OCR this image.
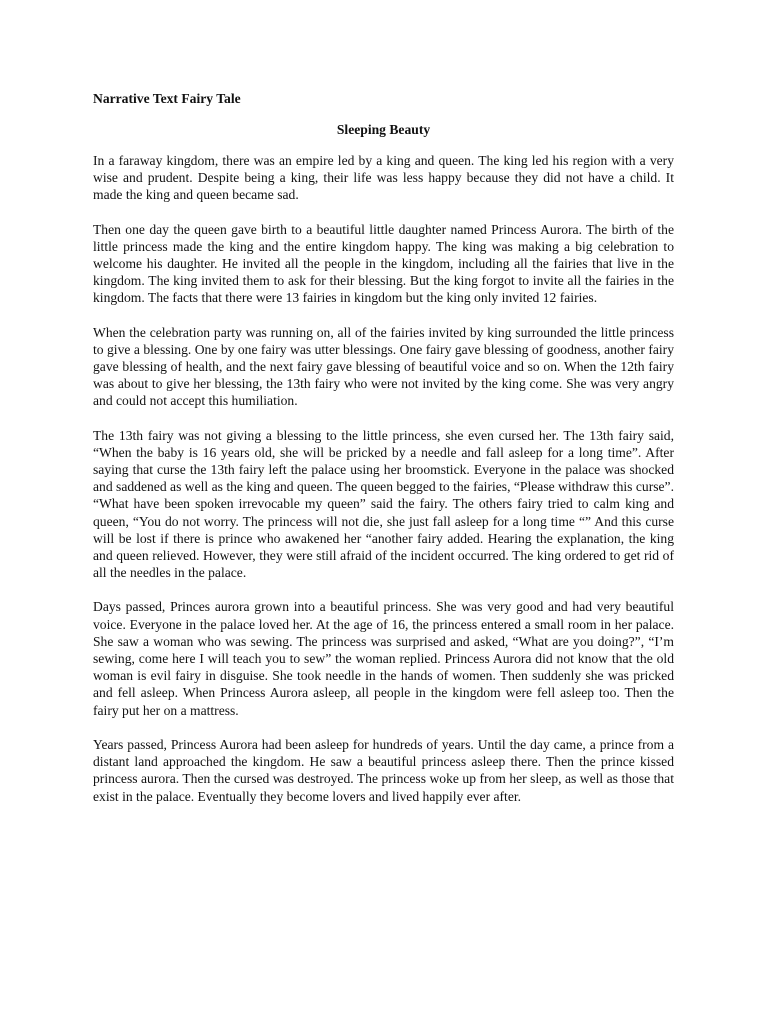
Narrative Text Fairy Tale

Sleeping Beauty

In a faraway kingdom, there was an empire led by a king and queen. The king led his region with a very wise and prudent. Despite being a king, their life was less happy because they did not have a child. It made the king and queen became sad.

Then one day the queen gave birth to a beautiful little daughter named Princess Aurora. The birth of the little princess made the king and the entire kingdom happy. The king was making a big celebration to welcome his daughter. He invited all the people in the kingdom, including all the fairies that live in the kingdom. The king invited them to ask for their blessing. But the king forgot to invite all the fairies in the kingdom. The facts that there were 13 fairies in kingdom but the king only invited 12 fairies.

When the celebration party was running on, all of the fairies invited by king surrounded the little princess to give a blessing. One by one fairy was utter blessings. One fairy gave blessing of goodness, another fairy gave blessing of health, and the next fairy gave blessing of beautiful voice and so on. When the 12th fairy was about to give her blessing, the 13th fairy who were not invited by the king come. She was very angry and could not accept this humiliation.

The 13th fairy was not giving a blessing to the little princess, she even cursed her. The 13th fairy said, “When the baby is 16 years old, she will be pricked by a needle and fall asleep for a long time”. After saying that curse the 13th fairy left the palace using her broomstick. Everyone in the palace was shocked and saddened as well as the king and queen. The queen begged to the fairies, “Please withdraw this curse”. “What have been spoken irrevocable my queen” said the fairy. The others fairy tried to calm king and queen, “You do not worry. The princess will not die, she just fall asleep for a long time “” And this curse will be lost if there is prince who awakened her “another fairy added. Hearing the explanation, the king and queen relieved. However, they were still afraid of the incident occurred. The king ordered to get rid of all the needles in the palace.

Days passed, Princes aurora grown into a beautiful princess. She was very good and had very beautiful voice. Everyone in the palace loved her. At the age of 16, the princess entered a small room in her palace. She saw a woman who was sewing. The princess was surprised and asked, “What are you doing?”, “I’m sewing, come here I will teach you to sew” the woman replied. Princess Aurora did not know that the old woman is evil fairy in disguise. She took needle in the hands of women. Then suddenly she was pricked and fell asleep. When Princess Aurora asleep, all people in the kingdom were fell asleep too. Then the fairy put her on a mattress.

Years passed, Princess Aurora had been asleep for hundreds of years. Until the day came, a prince from a distant land approached the kingdom. He saw a beautiful princess asleep there. Then the prince kissed princess aurora. Then the cursed was destroyed. The princess woke up from her sleep, as well as those that exist in the palace. Eventually they become lovers and lived happily ever after.
